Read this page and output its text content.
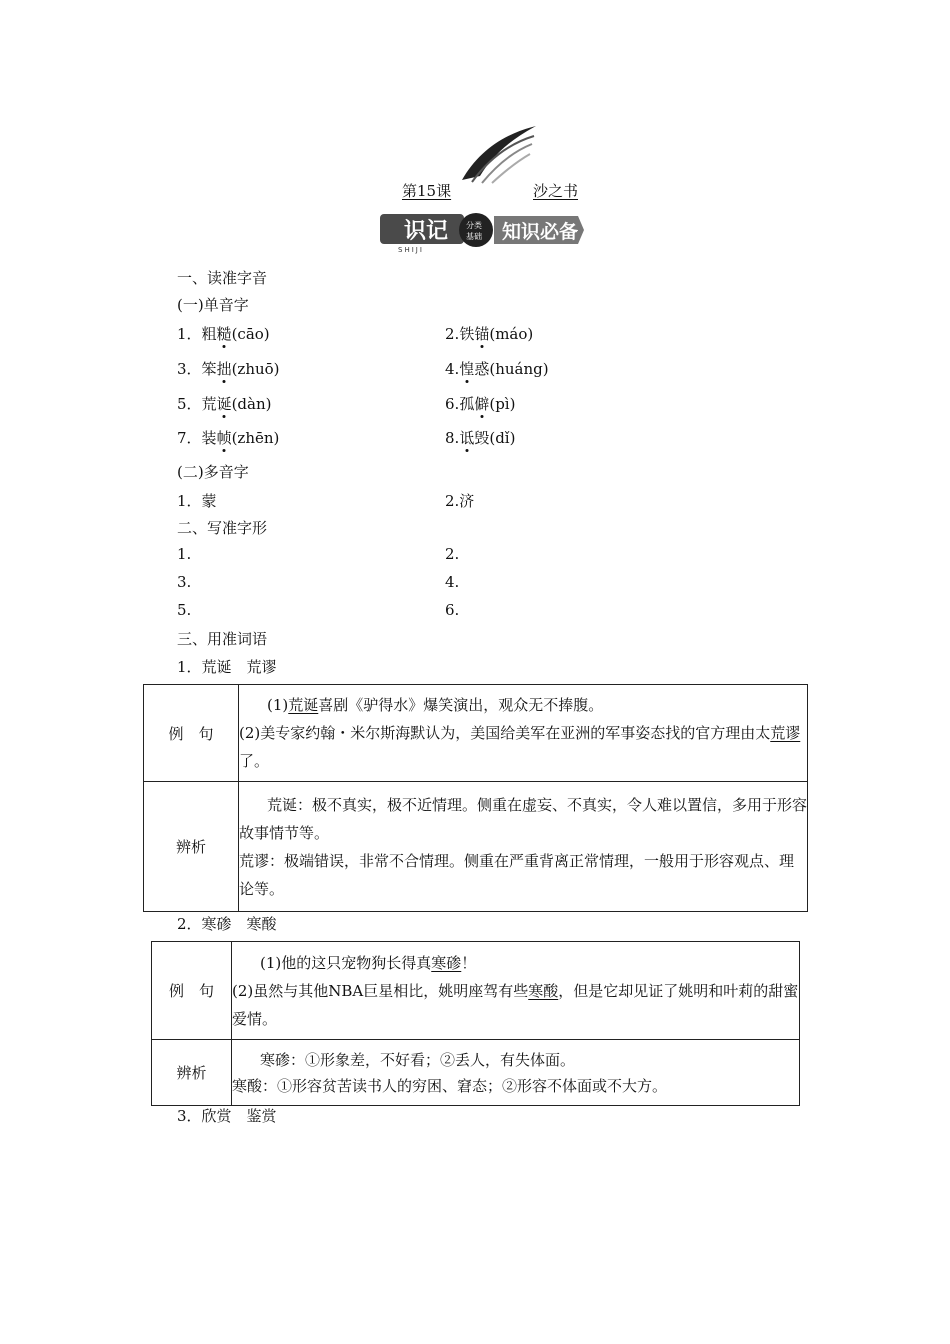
第15课	沙之书
识记
SHIJI
分类
基础 知识必备
一、读准字音
(一)单音字
1．粗糙(cāo)	2.铁锚(máo)
3．笨拙(zhuō)	4.惶惑(huáng)
5．荒诞(dàn)	6.孤僻(pì)
7．装帧(zhēn)	8.诋毁(dǐ)
(二)多音字
1．蒙	2.济
二、写准字形
1.	2.
3.	4.
5.	6.
三、用准词语
1．荒诞　荒谬
例　句	(1)荒诞喜剧《驴得水》爆笑演出，观众无不捧腹。
(2)美专家约翰・米尔斯海默认为，美国给美军在亚洲的军事姿态找的官方理由太荒谬了。

辨析	荒诞：极不真实，极不近情理。侧重在虚妄、不真实，令人难以置信，多用于形容故事情节等。
荒谬：极端错误，非常不合情理。侧重在严重背离正常情理，一般用于形容观点、理论等。
2．寒碜　寒酸
例　句	(1)他的这只宠物狗长得真寒碜！
(2)虽然与其他NBA巨星相比，姚明座驾有些寒酸，但是它却见证了姚明和叶莉的甜蜜爱情。

辨析	寒碜：①形象差，不好看；②丢人，有失体面。
寒酸：①形容贫苦读书人的穷困、窘态；②形容不体面或不大方。
3．欣赏　鉴赏
